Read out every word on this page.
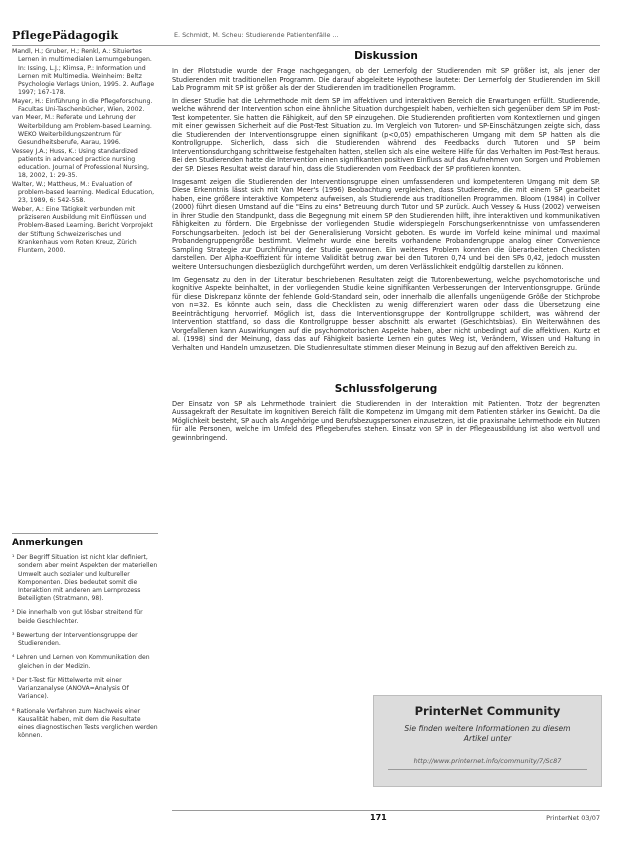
PflegePädagogik	E. Schmidt, M. Scheu: Studierende Patientenfälle ...

Mandl, H.; Gruber, H.; Renkl, A.: Situiertes Lernen in multimedialen Lernumgebungen. In: Issing, L.J.; Klimsa, P.: Information und Lernen mit Multimedia. Weinheim: Beltz Psychologie Verlags Union, 1995. 2. Auflage 1997; 167-178.

Mayer, H.: Einführung in die Pflegeforschung. Facultas Uni-Taschenbücher, Wien, 2002.

van Meer, M.: Referate und Lehrung der Weiterbildung am Problem-based Learning. WEKO Weiterbildungszentrum für Gesundheitsberufe, Aarau, 1996.

Vessey J.A.; Huss, K.: Using standardized patients in advanced practice nursing education. Journal of Professional Nursing, 18, 2002, 1: 29-35.

Walter, W.; Mattheus, M.: Evaluation of problem-based learning. Medical Education, 23, 1989, 6: 542-558.

Weber, A.: Eine Tätigkeit verbunden mit präziseren Ausbildung mit Einflüssen und Problem-Based Learning. Bericht Vorprojekt der Stiftung Schweizerisches und Krankenhaus vom Roten Kreuz, Zürich Fluntern, 2000.

Anmerkungen

¹ Der Begriff Situation ist nicht klar definiert, sondern aber meint Aspekten der materiellen Umwelt auch sozialer und kultureller Komponenten. Dies bedeutet somit die Interaktion mit anderen am Lernprozess Beteiligten (Stratmann, 98).

² Die innerhalb von gut lösbar streitend für beide Geschlechter.

³ Bewertung der Interventionsgruppe der Studierenden.

⁴ Lehren und Lernen von Kommunikation den gleichen in der Medizin.

⁵ Der t-Test für Mittelwerte mit einer Varianzanalyse (ANOVA=Analysis Of Variance).

⁶ Rationale Verfahren zum Nachweis einer Kausalität haben, mit dem die Resultate eines diagnostischen Tests verglichen werden können.

Diskussion

In der Pilotstudie wurde der Frage nachgegangen, ob der Lernerfolg der Studierenden mit SP größer ist, als jener der Studierenden mit traditionellen Programm. Die darauf abgeleitete Hypothese lautete: Der Lernerfolg der Studierenden im Skill Lab Programm mit SP ist größer als der der Studierenden im traditionellen Programm.

In dieser Studie hat die Lehrmethode mit dem SP im affektiven und interaktiven Bereich die Erwartungen erfüllt. Studierende, welche während der Intervention schon eine ähnliche Situation durchgespielt haben, verhielten sich gegenüber dem SP im Post-Test kompetenter. Sie hatten die Fähigkeit, auf den SP einzugehen. Die Studierenden profitierten vom Kontextlernen und gingen mit einer gewissen Sicherheit auf die Post-Test Situation zu. Im Vergleich von Tutoren- und SP-Einschätzungen zeigte sich, dass die Studierenden der Interventionsgruppe einen signifikant (p<0,05) empathischeren Umgang mit dem SP hatten als die Kontrollgruppe. Sicherlich, dass sich die Studierenden während des Feedbacks durch Tutoren und SP beim Interventionsdurchgang schrittweise festgehalten hatten, stellen sich als eine weitere Hilfe für das Verhalten im Post-Test heraus. Bei den Studierenden hatte die Intervention einen signifikanten positiven Einfluss auf das Aufnehmen von Sorgen und Problemen der SP. Dieses Resultat weist darauf hin, dass die Studierenden vom Feedback der SP profitieren konnten.

Insgesamt zeigen die Studierenden der Interventionsgruppe einen umfassenderen und kompetenteren Umgang mit dem SP. Diese Erkenntnis lässt sich mit Van Meer's (1996) Beobachtung vergleichen, dass Studierende, die mit einem SP gearbeitet haben, eine größere interaktive Kompetenz aufweisen, als Studierende aus traditionellen Programmen. Bloom (1984) in Collver (2000) führt diesen Umstand auf die "Eins zu eins" Betreuung durch Tutor und SP zurück. Auch Vessey & Huss (2002) verweisen in ihrer Studie den Standpunkt, dass die Begegnung mit einem SP den Studierenden hilft, ihre interaktiven und kommunikativen Fähigkeiten zu fördern. Die Ergebnisse der vorliegenden Studie widerspiegeln Forschungserkenntnisse von umfassenderen Forschungsarbeiten. Jedoch ist bei der Generalisierung Vorsicht geboten. Es wurde im Vorfeld keine minimal und maximal Probandengruppengröße bestimmt. Vielmehr wurde eine bereits vorhandene Probandengruppe analog einer Convenience Sampling Strategie zur Durchführung der Studie gewonnen. Ein weiteres Problem konnten die überarbeiteten Checklisten darstellen. Der Alpha-Koeffizient für interne Validität betrug zwar bei den Tutoren 0,74 und bei den SPs 0,42, jedoch mussten weitere Untersuchungen diesbezüglich durchgeführt werden, um deren Verlässlichkeit endgültig darstellen zu können.

Im Gegensatz zu den in der Literatur beschriebenen Resultaten zeigt die Tutorenbewertung, welche psychomotorische und kognitive Aspekte beinhaltet, in der vorliegenden Studie keine signifikanten Verbesserungen der Interventionsgruppe. Gründe für diese Diskrepanz könnte der fehlende Gold-Standard sein, oder innerhalb die allenfalls ungenügende Größe der Stichprobe von n=32. Es könnte auch sein, dass die Checklisten zu wenig differenziert waren oder dass die Übersetzung eine Beeinträchtigung hervorrief. Möglich ist, dass die Interventionsgruppe der Kontrollgruppe schildert, was während der Intervention stattfand, so dass die Kontrollgruppe besser abschnitt als erwartet (Geschichtsbias). Ein Weiterwähnen des Vorgefallenen kann Auswirkungen auf die psychomotorischen Aspekte haben, aber nicht unbedingt auf die affektiven. Kurtz et al. (1998) sind der Meinung, dass das auf Fähigkeit basierte Lernen ein gutes Weg ist, Verändern, Wissen und Haltung in Verhalten und Handeln umzusetzen. Die Studienresultate stimmen dieser Meinung in Bezug auf den affektiven Bereich zu.

Schlussfolgerung

Der Einsatz von SP als Lehrmethode trainiert die Studierenden in der Interaktion mit Patienten. Trotz der begrenzten Aussagekraft der Resultate im kognitiven Bereich fällt die Kompetenz im Umgang mit dem Patienten stärker ins Gewicht. Da die Möglichkeit besteht, SP auch als Angehörige und Berufsbezugspersonen einzusetzen, ist die praxisnahe Lehrmethode ein Nutzen für alle Personen, welche im Umfeld des Pflegeberufes stehen. Einsatz von SP in der Pflegeausbildung ist also wertvoll und gewinnbringend.

PrinterNet Community
Sie finden weitere Informationen zu diesem Artikel unter
http://www.printernet.info/community/7/Sc87
171	PrinterNet 03/07
